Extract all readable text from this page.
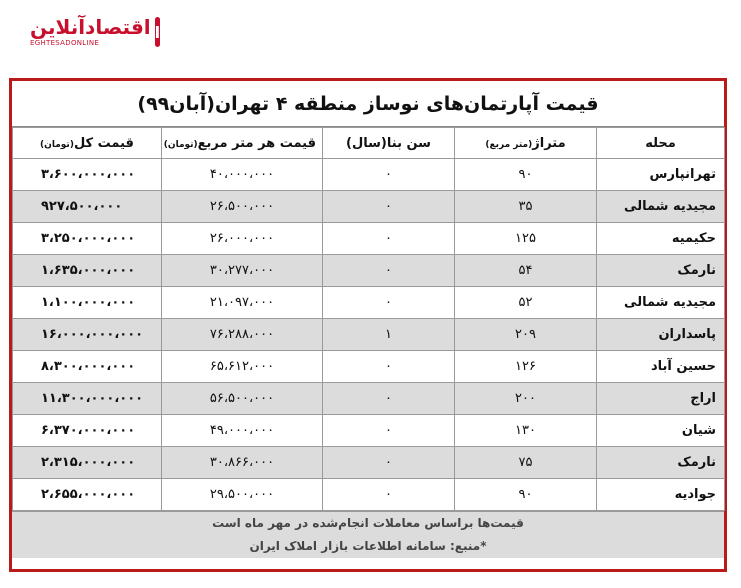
اقتصادآنلاین
EGHTESADONLINE
ا
قیمت آپارتمان‌های نوساز منطقه ۴ تهران(آبان۹۹)
محله	متراژ(متر مربع)	سن بنا(سال)	قیمت هر متر مربع(تومان)	قیمت کل(تومان)
تهرانپارس	۹۰	۰	۴۰،۰۰۰،۰۰۰	۳،۶۰۰،۰۰۰،۰۰۰
مجیدیه شمالی	۳۵	۰	۲۶،۵۰۰،۰۰۰	۹۲۷،۵۰۰،۰۰۰
حکیمیه	۱۲۵	۰	۲۶،۰۰۰،۰۰۰	۳،۲۵۰،۰۰۰،۰۰۰
نارمک	۵۴	۰	۳۰،۲۷۷،۰۰۰	۱،۶۳۵،۰۰۰،۰۰۰
مجیدیه شمالی	۵۲	۰	۲۱،۰۹۷،۰۰۰	۱،۱۰۰،۰۰۰،۰۰۰
پاسداران	۲۰۹	۱	۷۶،۲۸۸،۰۰۰	۱۶،۰۰۰،۰۰۰،۰۰۰
حسین آباد	۱۲۶	۰	۶۵،۶۱۲،۰۰۰	۸،۳۰۰،۰۰۰،۰۰۰
اراج	۲۰۰	۰	۵۶،۵۰۰،۰۰۰	۱۱،۳۰۰،۰۰۰،۰۰۰
شیان	۱۳۰	۰	۴۹،۰۰۰،۰۰۰	۶،۳۷۰،۰۰۰،۰۰۰
نارمک	۷۵	۰	۳۰،۸۶۶،۰۰۰	۲،۳۱۵،۰۰۰،۰۰۰
جوادیه	۹۰	۰	۲۹،۵۰۰،۰۰۰	۲،۶۵۵،۰۰۰،۰۰۰
قیمت‌ها براساس معاملات انجام‌شده در مهر ماه است
*منبع: سامانه اطلاعات بازار املاک ایران
